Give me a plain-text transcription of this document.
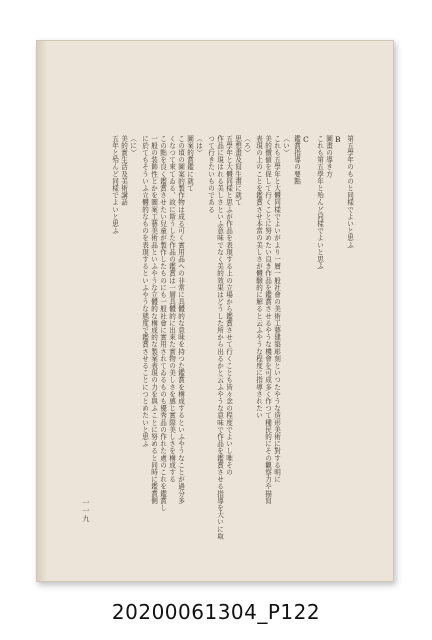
第五學年のものと同樣でよいと思ふ
B
圖畫の導き方
これも第五學年と殆んど同樣でよいと思ふ
C
鑑賞指導の要點
（い）
これも五學年と大體同樣でよいがより一層一般社會の美術工藝建築彫刻といつたやうな造形美術に對する明に
美的價値を促して行くことに努めたい良き作品を鑑賞させるやうな機會を可成多く作つて種民的にその觀察力や描寫
表現の上のことを鑑賞させ本當の美しさが體驗的に解ると云ふやうな程度に指導されたい
（ろ）
思想畫及寫生畫に就て
五學年と大體同樣と思ふが作品を表現する上の立場から鑑賞させて行くことも皆々念の程度でよいし唯その
作品に現はれる美しさといふ意味でなく美的效果はどうした所から出るかと云ふやうな意味で作品を鑑賞させる指導を大いに取
つて行きたいものである
（は）
圖案的賞鑑に就て
この頃の圖案的製作物は成る可く實用品への非常に具體的な意味を持つた鑑賞を構成するといふやうなことが過分多
くなつて來てゐる、故に斯うした作品の鑑賞は一層具體的に出來た實物の美しさを感じ實際美しさを構成する
この點を良く鑑賞させたい兒童が製作したものにも一般社會に實用されてゐるものも優秀品の作れた處のこれを鑑賞し
一般の装飾性とかを圖案工藝美術品といふやうな立體的な構成的な製案表現の力を與ふことに努めると同時に鑑賞側
に於てもそういふ立體的なものを表現するといふやうな態度で鑑賞させることにつとめたいと思ふ
（に）
美的實生活及美術講話
五年と殆んど同樣でよいと思ふ
一一九
20200061304_P122
